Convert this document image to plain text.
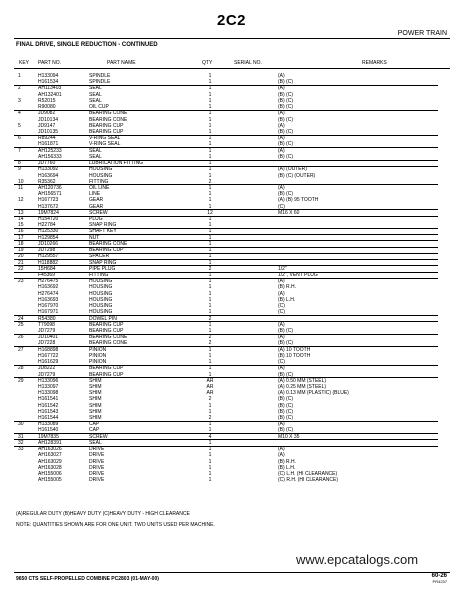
2C2
POWER TRAIN
FINAL DRIVE, SINGLE REDUCTION - CONTINUED
KEY PART NO.	PART NAME	QTY	SERIAL NO.	REMARKS
1	H133094	SPINDLE	1	(A)
H161534	SPINDLE	1	(B) (C)
2	AH113403	SEAL	1	(A)
AH132401	SEAL	1	(B) (C)
3	R52015	SEAL	1	(B) (C)
R90080	OIL CUP	1	(B) (C)
4	JD9082	BEARING CONE	1	(A)
JD10134	BEARING CONE	1	(B) (C)
5	JD9147	BEARING CUP	1	(A)
JD10135	BEARING CUP	1	(B) (C)
6	R89244	V-RING SEAL	1	(A)
H161871	V-RING SEAL	1	(B) (C)
7	AH125233	SEAL	1	(A)
AH156333	SEAL	1	(B) (C)
8	JD7760	LUBRICATION FITTING	1
9	H133092	HOUSING	1	(A) (OUTER)
H163694	HOUSING	1	(B) (C) (OUTER)
10	R35362	FITTING	2
11	AH120736	OIL LINE	1	(A)
AH156571	LINE	1	(B) (C)
12	H167723	GEAR	1	(A) (B) 95 TOOTH
H137672	GEAR	1	(C)
13	19M7824	SCREW	12	M16 X 60
14	H154720	PLUG	1
15	H22784	SNAP RING	1
16	H125330	SHAFT KEY	1
17	H129854	NUT	1
18	JD10266	BEARING CONE	1
19	JD7298	BEARING CUP	1
20	H129557	SPACER	1
21	H118882	SNAP RING	1
22	15H684	PIPE PLUG	2	1/2"
F45369	FITTING	1	1/2", VENT PLUG
23	H276475	HOUSING	1	(A)
H163692	HOUSING	1	(B) R.H.
H276474	HOUSING	1	(A)
H163693	HOUSING	1	(B) L.H.
H167970	HOUSING	1	(C)
H167971	HOUSING	1	(C)
24	R54380	DOWEL PIN	2
25	T79098	BEARING CUP	1	(A)
JD7279	BEARING CUP	1	(B) (C)
26	JD10401	BEARING CONE	2	(A)
JD7228	BEARING CONE	2	(B) (C)
27	H168898	PINION	1	(A) 10 TOOTH
H167722	PINION	1	(B) 10 TOOTH
H161629	PINION	1	(C)
28	JD8222	BEARING CUP	1	(A)
JD7279	BEARING CUP	1	(B) (C)
29	H133096	SHIM	AR	(A) 0.50 MM (STEEL)
H133097	SHIM	AR	(A) 0.25 MM (STEEL)
H133098	SHIM	AR	(A) 0.13 MM (PLASTIC) (BLUE)
H161541	SHIM	2	(B) (C)
H161542	SHIM	1	(B) (C)
H161543	SHIM	1	(B) (C)
H161544	SHIM	2	(B) (C)
30	H133089	CAP	1	(A)
H161540	CAP	1	(B) (C)
31	19M7835	SCREW	4	M10 X 35
32	AH128391	SEAL	1
33	AH163026	DRIVE	1	(A)
AH163027	DRIVE	1	(A)
AH163029	DRIVE	1	(B) R.H.
AH163028	DRIVE	1	(B) L.H.
AH155006	DRIVE	1	(C) L.H. (HI CLEARANCE)
AH155005	DRIVE	1	(C) R.H. (HI CLEARANCE)
(A)REGULAR DUTY (B)HEAVY DUTY (C)HEAVY DUTY - HIGH CLEARANCE
NOTE: QUANTITIES SHOWN ARE FOR ONE UNIT. TWO UNITS USED PER MACHINE.
www.epcatalogs.com
9650 CTS SELF-PROPELLED COMBINE PC2803 (01-MAY-00)	60-26
PR4237
